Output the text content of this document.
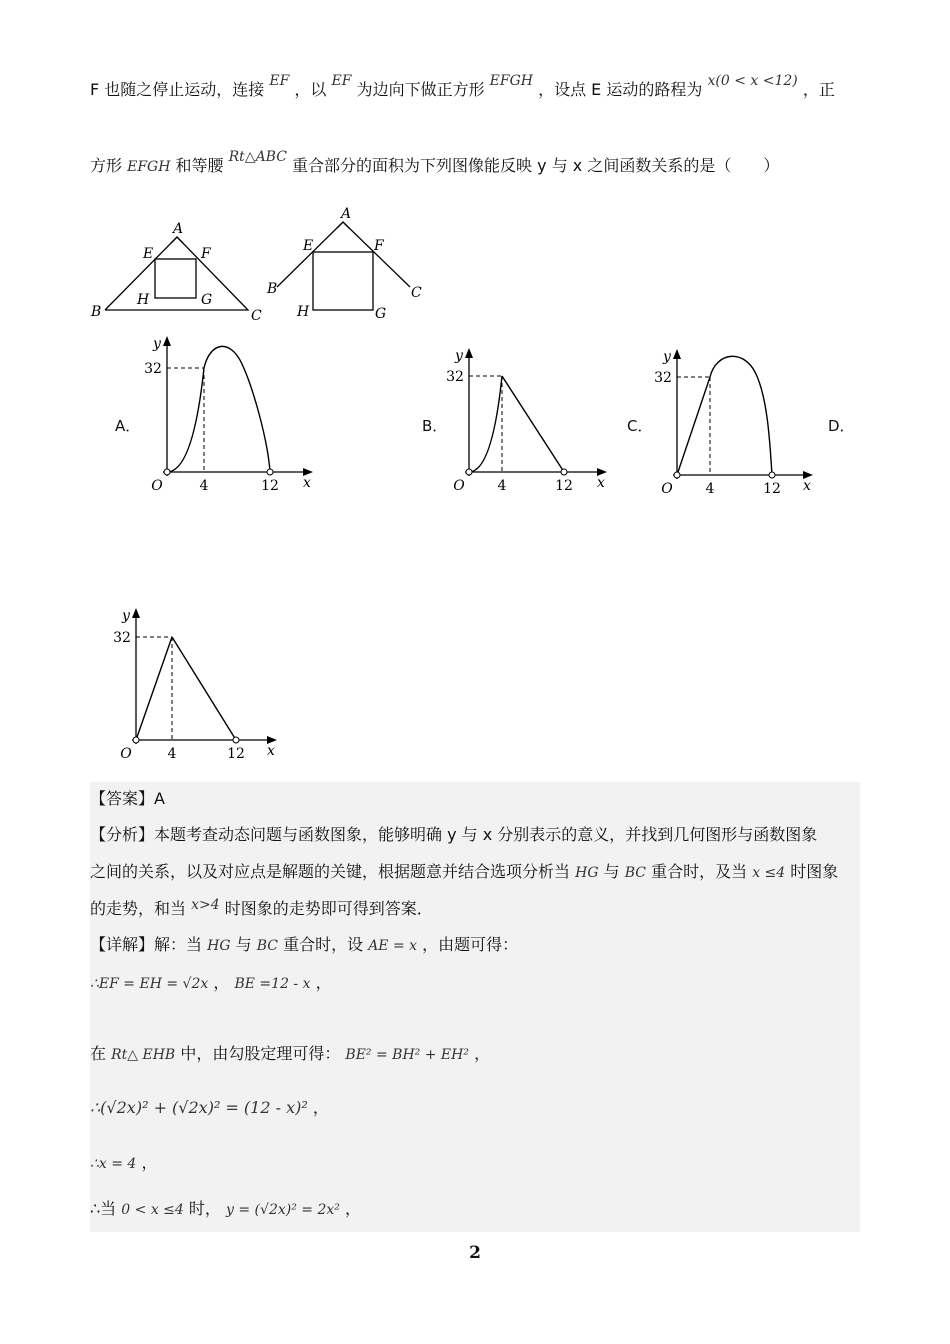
F 也随之停止运动，连接 EF ，以 EF 为边向下做正方形 EFGH ，设点 E 运动的路程为 x(0 < x <12) ，正
方形 EFGH 和等腰 Rt△ABC 重合部分的面积为下列图像能反映 y 与 x 之间函数关系的是（　　）
A
E	F
B
H	G
C
A
E	F
B	C
H	G
A．	B．	C．	D．
32
4	12
O	x
y
32
4	12
O	x
y
32
4	12
O	x
y
32
4	12
O	x
y
【答案】A
【分析】本题考查动态问题与函数图象，能够明确 y 与 x 分别表示的意义，并找到几何图形与函数图象
之间的关系，以及对应点是解题的关键，根据题意并结合选项分析当 HG 与 BC 重合时，及当 x ≤4 时图象
的走势，和当 x>4 时图象的走势即可得到答案．
【详解】解：当 HG 与 BC 重合时，设 AE = x ，由题可得：
∴EF = EH = √2x ， BE =12 - x ，
在 Rt△ EHB 中，由勾股定理可得： BE² = BH² + EH² ，
∴(√2x)² + (√2x)² = (12 - x)² ，
∴x = 4 ，
∴当 0 < x ≤4 时， y = (√2x)² = 2x² ，
2
